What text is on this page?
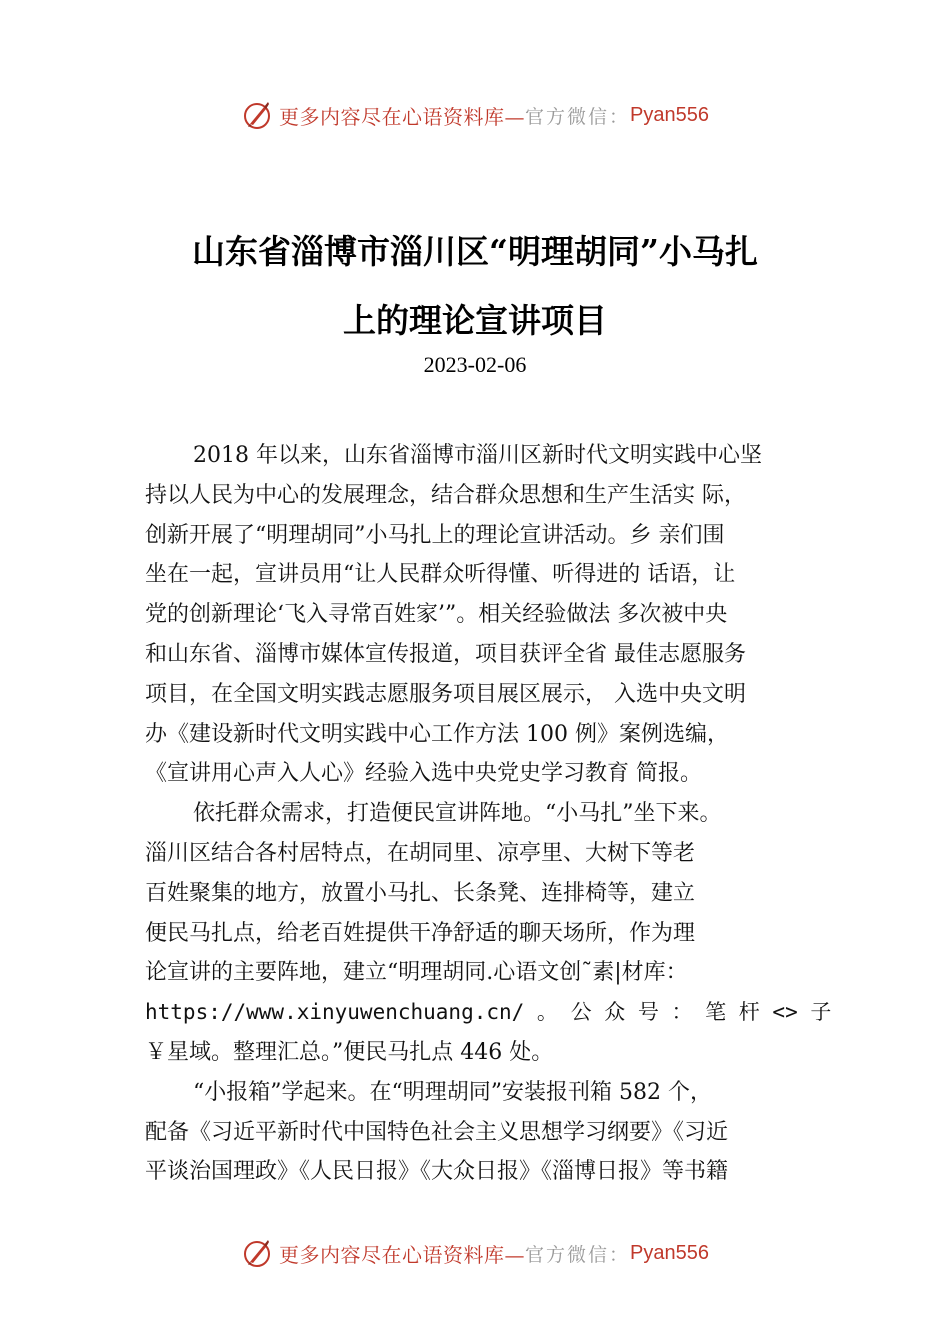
更多内容尽在心语资料库— 官方微信： Pyan556
山东省淄博市淄川区“明理胡同”小马扎
上的理论宣讲项目
2023-02-06
2018 年以来，山东省淄博市淄川区新时代文明实践中心坚
持以人民为中心的发展理念，结合群众思想和生产生活实 际，
创新开展了“明理胡同”小马扎上的理论宣讲活动。乡 亲们围
坐在一起，宣讲员用“让人民群众听得懂、听得进的 话语，让
党的创新理论‘飞入寻常百姓家’”。相关经验做法 多次被中央
和山东省、淄博市媒体宣传报道，项目获评全省 最佳志愿服务
项目，在全国文明实践志愿服务项目展区展示， 入选中央文明
办《建设新时代文明实践中心工作方法 100 例》案例选编，
《宣讲用心声入人心》经验入选中央党史学习教育 简报。
依托群众需求，打造便民宣讲阵地。“小马扎”坐下来。
淄川区结合各村居特点，在胡同里、凉亭里、大树下等老
百姓聚集的地方，放置小马扎、长条凳、连排椅等，建立
便民马扎点，给老百姓提供干净舒适的聊天场所，作为理
论宣讲的主要阵地，建立“明理胡同.心语文创˜素|材库：
https://www.xinyuwenchuang.cn/ 。 公 众 号 ： 笔 杆 <> 子
￥星域。整理汇总。”便民马扎点 446 处。
“小报箱”学起来。在“明理胡同”安装报刊箱 582 个，
配备《习近平新时代中国特色社会主义思想学习纲要》《习近
平谈治国理政》《人民日报》《大众日报》《淄博日报》等书籍
更多内容尽在心语资料库— 官方微信： Pyan556
